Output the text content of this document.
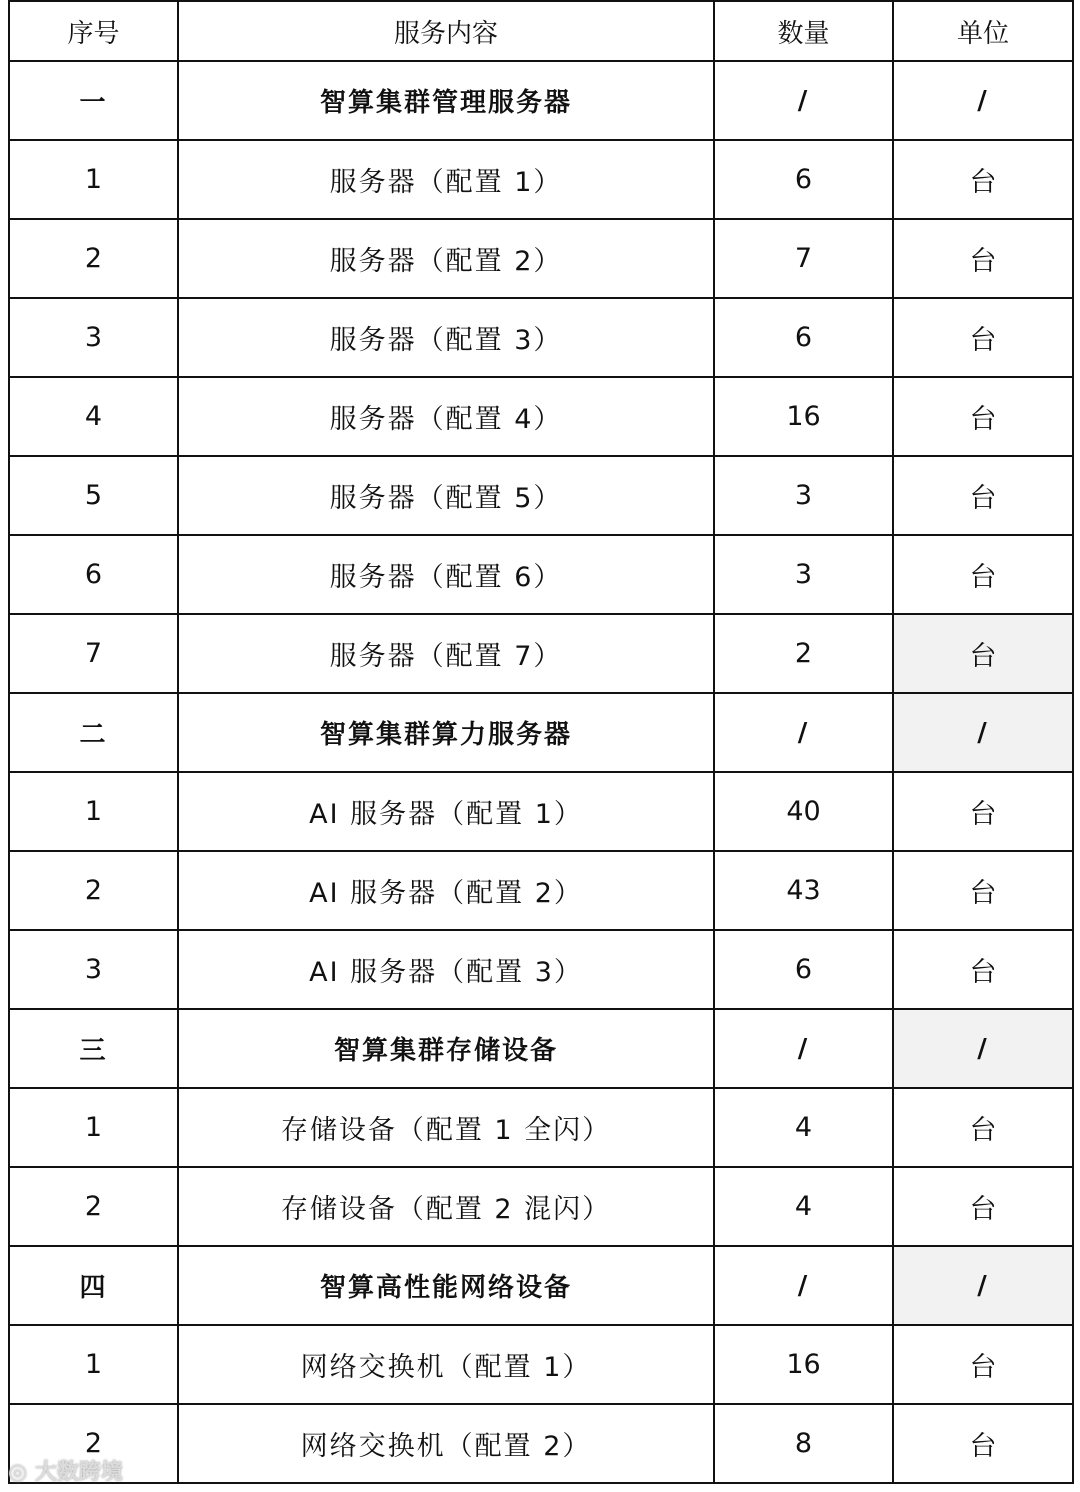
序号	服务内容	数量	单位
一	智算集群管理服务器	/	/
1	服务器（配置 1）	6	台
2	服务器（配置 2）	7	台
3	服务器（配置 3）	6	台
4	服务器（配置 4）	16	台
5	服务器（配置 5）	3	台
6	服务器（配置 6）	3	台
7	服务器（配置 7）	2	台
二	智算集群算力服务器	/	/
1	AI 服务器（配置 1）	40	台
2	AI 服务器（配置 2）	43	台
3	AI 服务器（配置 3）	6	台
三	智算集群存储设备	/	/
1	存储设备（配置 1 全闪）	4	台
2	存储设备（配置 2 混闪）	4	台
四	智算高性能网络设备	/	/
1	网络交换机（配置 1）	16	台
2	网络交换机（配置 2）	8	台
◎ 大数跨境
